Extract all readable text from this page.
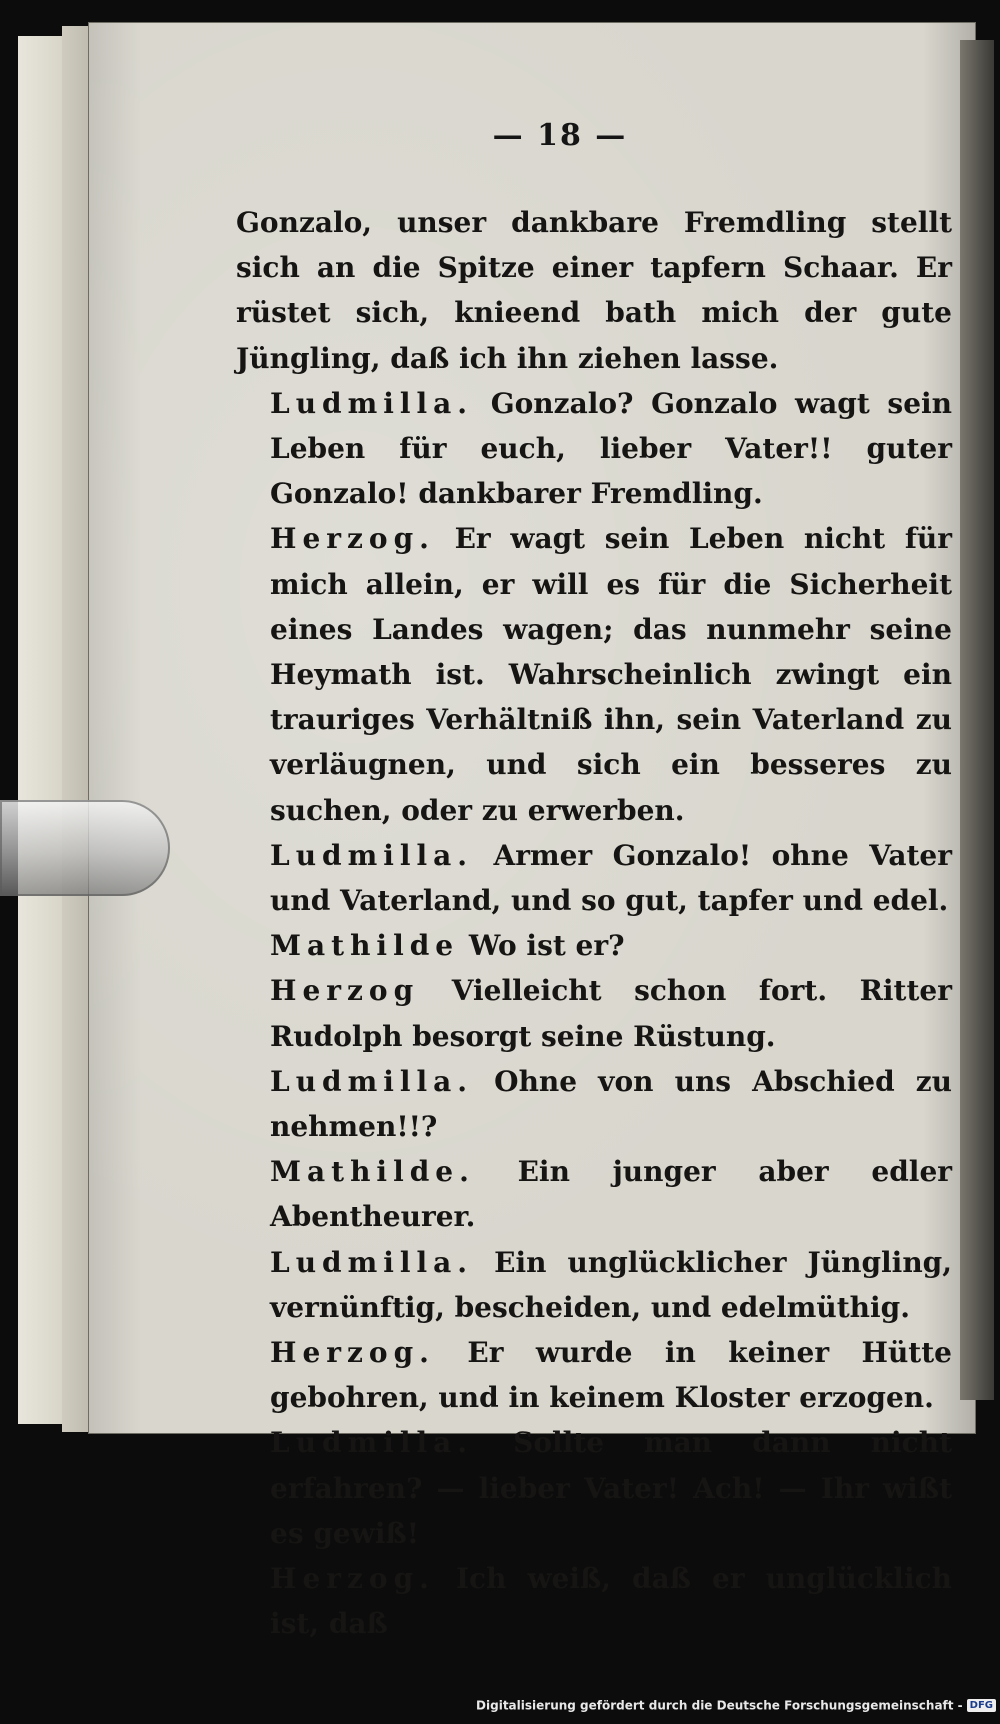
— 18 —

Gonzalo, unser dankbare Fremdling stellt sich an die Spitze einer tapfern Schaar. Er rüstet sich, knieend bath mich der gute Jüngling, daß ich ihn ziehen lasse.

Ludmilla. Gonzalo? Gonzalo wagt sein Leben für euch, lieber Vater!! guter Gonzalo! dankbarer Fremdling.

Herzog. Er wagt sein Leben nicht für mich allein, er will es für die Sicherheit eines Landes wagen; das nunmehr seine Heymath ist. Wahrscheinlich zwingt ein trauriges Verhältniß ihn, sein Vaterland zu verläugnen, und sich ein besseres zu suchen, oder zu erwerben.

Ludmilla. Armer Gonzalo! ohne Vater und Vaterland, und so gut, tapfer und edel.

Mathilde Wo ist er?

Herzog Vielleicht schon fort. Ritter Rudolph besorgt seine Rüstung.

Ludmilla. Ohne von uns Abschied zu nehmen!!?

Mathilde. Ein junger aber edler Abentheurer.

Ludmilla. Ein unglücklicher Jüngling, vernünftig, bescheiden, und edelmüthig.

Herzog. Er wurde in keiner Hütte gebohren, und in keinem Kloster erzogen.

Ludmilla. Sollte man dann nicht erfahren? — lieber Vater! Ach! — Ihr wißt es gewiß!

Herzog. Ich weiß, daß er unglücklich ist, daß

Digitalisierung gefördert durch die Deutsche Forschungsgemeinschaft - DFG
